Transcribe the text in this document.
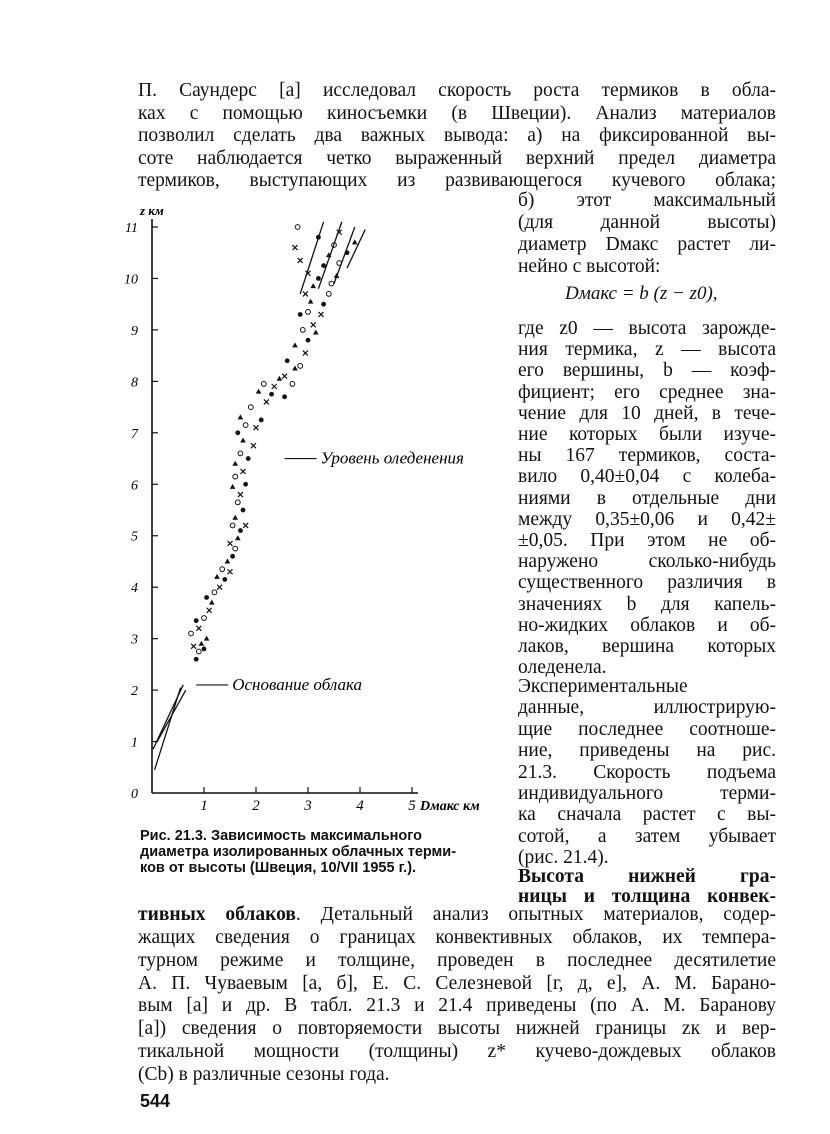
П. Саундерс [а] исследовал скорость роста термиков в обла-
ках с помощью киносъемки (в Швеции). Анализ материалов
позволил сделать два важных вывода: а) на фиксированной вы-
соте наблюдается четко выраженный верхний предел диаметра
термиков, выступающих из развивающегося кучевого облака;
б) этот максимальный
(для данной высоты)
диаметр Dмакс растет ли-
нейно с высотой:
Dмакс = b (z − z0),
где z0 — высота зарожде-
ния термика, z — высота
его вершины, b — коэф-
фициент; его среднее зна-
чение для 10 дней, в тече-
ние которых были изуче-
ны 167 термиков, соста-
вило 0,40±0,04 с колеба-
ниями в отдельные дни
между 0,35±0,06 и 0,42±
±0,05. При этом не об-
наружено сколько-нибудь
существенного различия в
значениях b для капель-
но-жидких облаков и об-
лаков, вершина которых
оледенела.
Экспериментальные
данные, иллюстрирую-
щие последнее соотноше-
ние, приведены на рис.
21.3. Скорость подъема
индивидуального терми-
ка сначала растет с вы-
сотой, а затем убывает
(рис. 21.4).
Высота нижней гра-
ницы и толщина конвек-
тивных облаков. Детальный анализ опытных материалов, содер-
жащих сведения о границах конвективных облаков, их темпера-
турном режиме и толщине, проведен в последнее десятилетие
А. П. Чуваевым [а, б], Е. С. Селезневой [г, д, е], А. М. Барано-
вым [а] и др. В табл. 21.3 и 21.4 приведены (по А. М. Баранову
[а]) сведения о повторяемости высоты нижней границы zк и вер-
тикальной мощности (толщины) z* кучево-дождевых облаков
(Cb) в различные сезоны года.
Рис. 21.3. Зависимость максимального
диаметра изолированных облачных терми-
ков от высоты (Швеция, 10/VII 1955 г.).
544
0
1
2
3
4
5
6
7
8
9
10
11
1	2	3	4	5
z км
Dмакс км
Уровень оледенения
Основание облака
